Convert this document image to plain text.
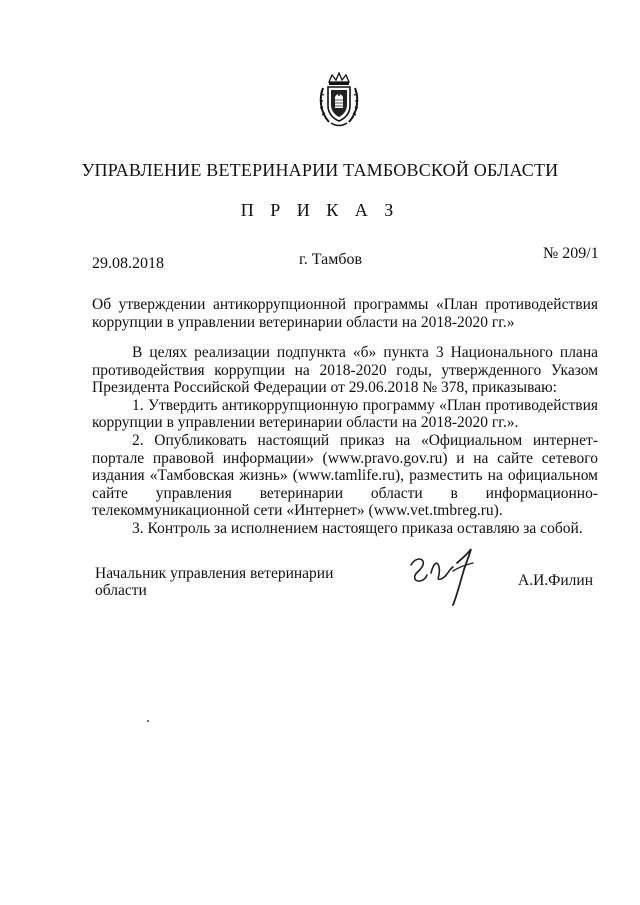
УПРАВЛЕНИЕ ВЕТЕРИНАРИИ ТАМБОВСКОЙ ОБЛАСТИ
П Р И К А З
29.08.2018	г. Тамбов	№ 209/1
Об утверждении антикоррупционной программы «План противодействия
коррупции в управлении ветеринарии области на 2018-2020 гг.»

В целях реализации подпункта «б» пункта 3 Национального плана противодействия коррупции на 2018-2020 годы, утвержденного Указом Президента Российской Федерации от 29.06.2018 № 378, приказываю:

1. Утвердить антикоррупционную программу «План противодействия коррупции в управлении ветеринарии области на 2018-2020 гг.».

2. Опубликовать настоящий приказ на «Официальном интернет-портале правовой информации» (www.pravo.gov.ru) и на сайте сетевого издания «Тамбовская жизнь» (www.tamlife.ru), разместить на официальном сайте управления ветеринарии области в информационно-телекоммуникационной сети «Интернет» (www.vet.tmbreg.ru).

3. Контроль за исполнением настоящего приказа оставляю за собой.

Начальник управления ветеринарии
области
А.И.Филин
